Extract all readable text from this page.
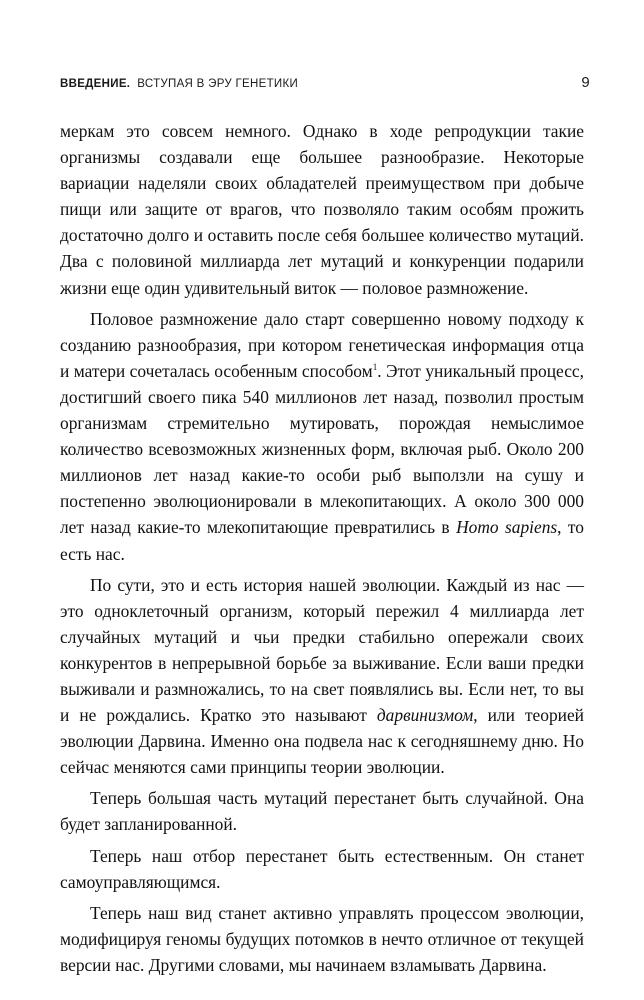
ВВЕДЕНИЕ. ВСТУПАЯ В ЭРУ ГЕНЕТИКИ	9

меркам это совсем немного. Однако в ходе репродукции такие организмы создавали еще большее разнообразие. Некоторые вариации наделяли своих обладателей преимуществом при добыче пищи или защите от врагов, что позволяло таким особям прожить достаточно долго и оставить после себя большее количество мутаций. Два с половиной миллиарда лет мутаций и конкуренции подарили жизни еще один удивительный виток — половое размножение.

Половое размножение дало старт совершенно новому подходу к созданию разнообразия, при котором генетическая информация отца и матери сочеталась особенным способом$^1$. Этот уникальный процесс, достигший своего пика 540 миллионов лет назад, позволил простым организмам стремительно мутировать, порождая немыслимое количество всевозможных жизненных форм, включая рыб. Около 200 миллионов лет назад какие-то особи рыб выползли на сушу и постепенно эволюционировали в млекопитающих. А около 300 000 лет назад какие-то млекопитающие превратились в Homo sapiens, то есть нас.

По сути, это и есть история нашей эволюции. Каждый из нас — это одноклеточный организм, который пережил 4 миллиарда лет случайных мутаций и чьи предки стабильно опережали своих конкурентов в непрерывной борьбе за выживание. Если ваши предки выживали и размножались, то на свет появлялись вы. Если нет, то вы и не рождались. Кратко это называют дарвинизмом, или теорией эволюции Дарвина. Именно она подвела нас к сегодняшнему дню. Но сейчас меняются сами принципы теории эволюции.

Теперь большая часть мутаций перестанет быть случайной. Она будет запланированной.

Теперь наш отбор перестанет быть естественным. Он станет самоуправляющимся.

Теперь наш вид станет активно управлять процессом эволюции, модифицируя геномы будущих потомков в нечто отличное от текущей версии нас. Другими словами, мы начинаем взламывать Дарвина.
